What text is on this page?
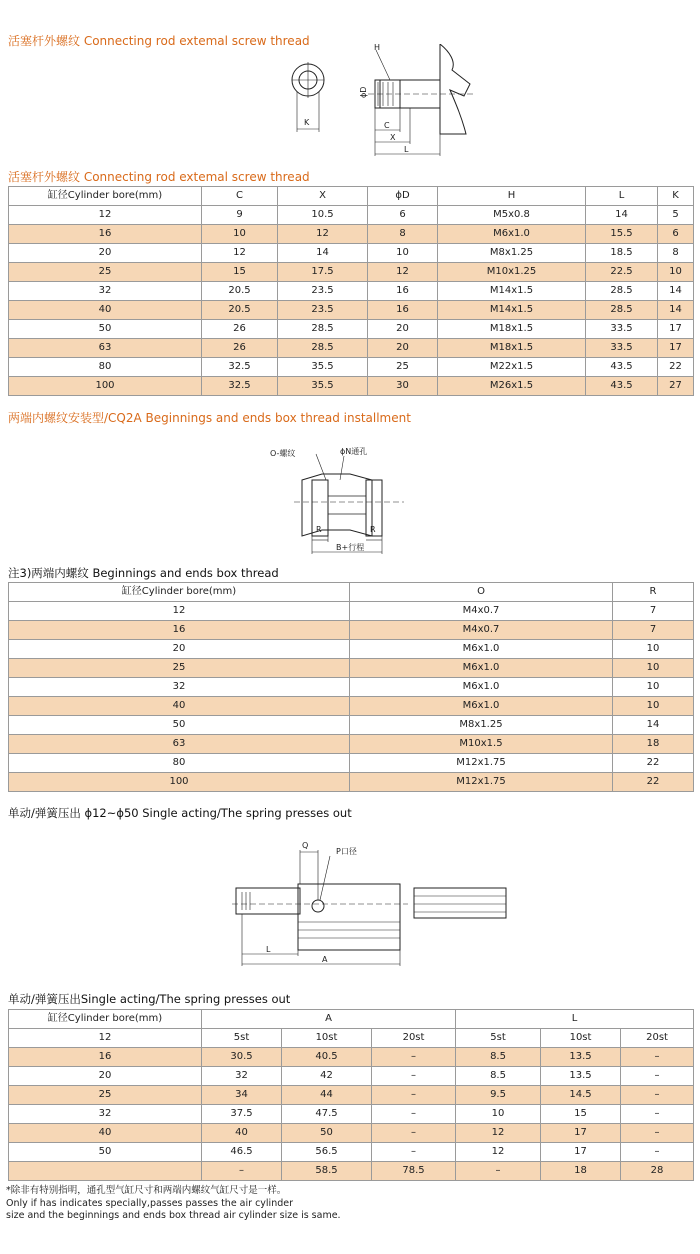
活塞杆外螺纹 Connecting rod extemal screw thread
K
H
ϕD
C
X
L
活塞杆外螺纹 Connecting rod extemal screw thread
缸径Cylinder bore(mm)	C	X	ϕD	H	L	K
12	9	10.5	6	M5x0.8	14	5
16	10	12	8	M6x1.0	15.5	6
20	12	14	10	M8x1.25	18.5	8
25	15	17.5	12	M10x1.25	22.5	10
32	20.5	23.5	16	M14x1.5	28.5	14
40	20.5	23.5	16	M14x1.5	28.5	14
50	26	28.5	20	M18x1.5	33.5	17
63	26	28.5	20	M18x1.5	33.5	17
80	32.5	35.5	25	M22x1.5	43.5	22
100	32.5	35.5	30	M26x1.5	43.5	27
两端内螺纹安装型/CQ2A Beginnings and ends box thread installment
O-螺纹	ϕN通孔
R	R
B+行程
注3)两端内螺纹 Beginnings and ends box thread
缸径Cylinder bore(mm)	O	R
12	M4x0.7	7
16	M4x0.7	7
20	M6x1.0	10
25	M6x1.0	10
32	M6x1.0	10
40	M6x1.0	10
50	M8x1.25	14
63	M10x1.5	18
80	M12x1.75	22
100	M12x1.75	22
单动/弹簧压出 ϕ12~ϕ50 Single acting/The spring presses out
Q
P口径
L
A
单动/弹簧压出Single acting/The spring presses out
缸径Cylinder bore(mm)	A			L		
12	5st	10st	20st	5st	10st	20st
16	30.5	40.5	–	8.5	13.5	–
20	32	42	–	8.5	13.5	–
25	34	44	–	9.5	14.5	–
32	37.5	47.5	–	10	15	–
40	40	50	–	12	17	–
50	46.5	56.5	–	12	17	–
	–	58.5	78.5	–	18	28
*除非有特别指明，通孔型气缸尺寸和两端内螺纹气缸尺寸是一样。
Only if has indicates specially,passes passes the air cylinder
size and the beginnings and ends box thread air cylinder size is same.
